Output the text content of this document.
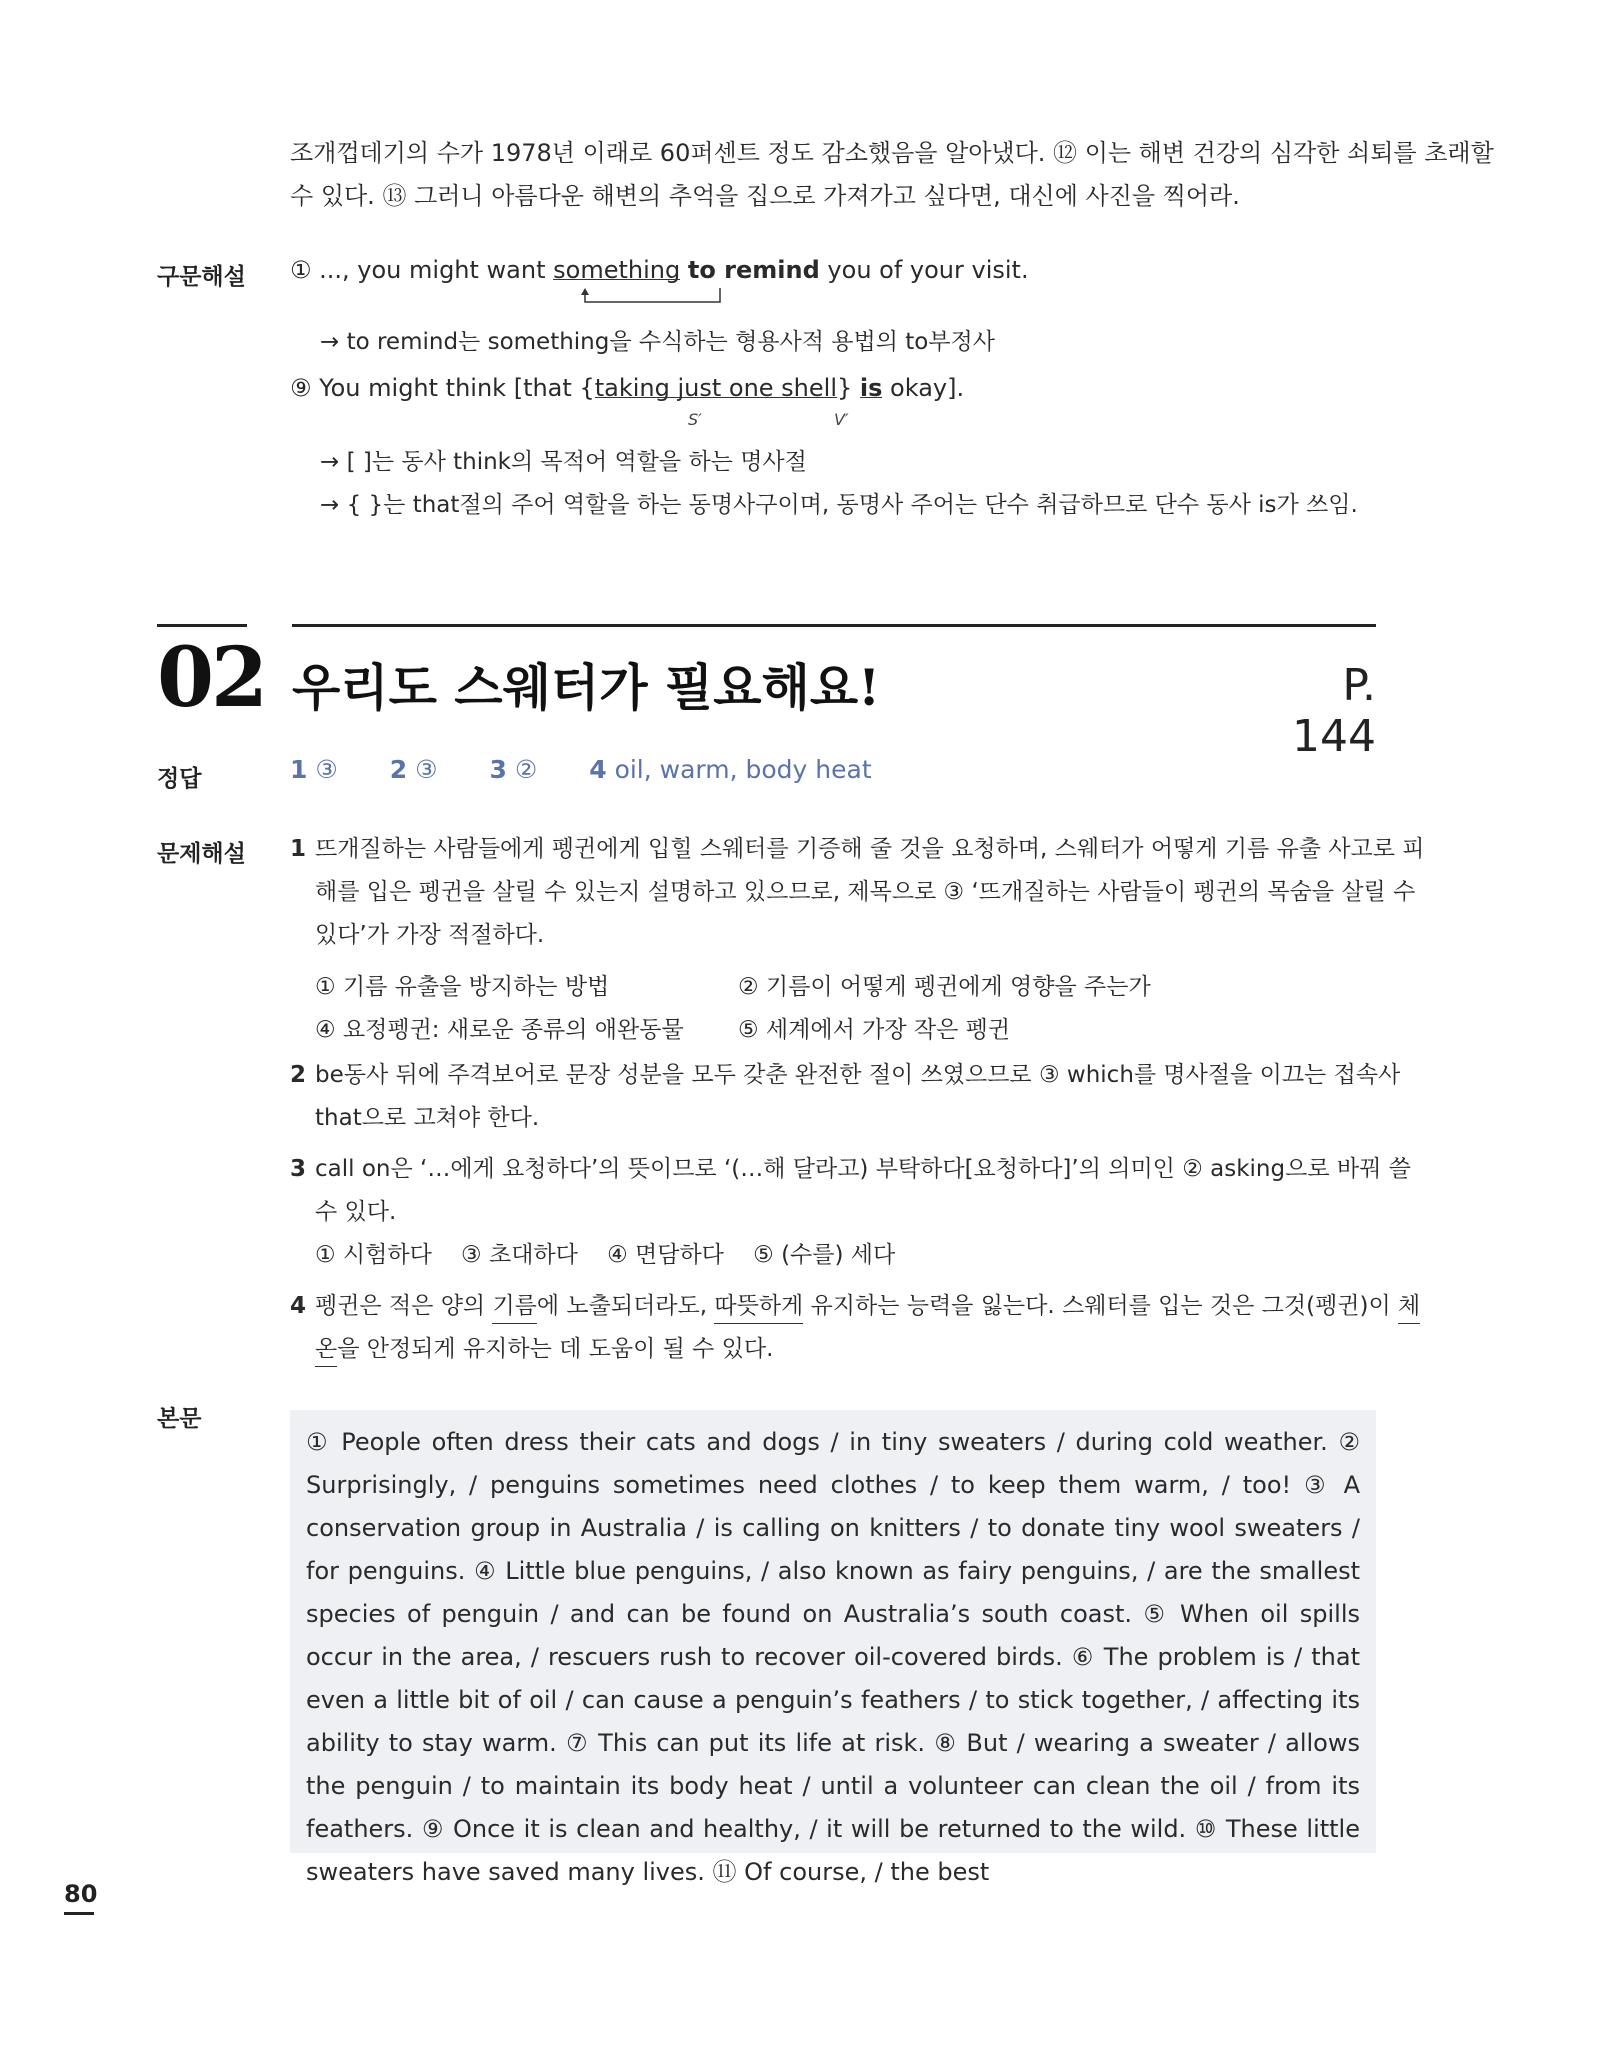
조개껍데기의 수가 1978년 이래로 60퍼센트 정도 감소했음을 알아냈다. ⑫ 이는 해변 건강의 심각한 쇠퇴를 초래할
수 있다. ⑬ 그러니 아름다운 해변의 추억을 집으로 가져가고 싶다면, 대신에 사진을 찍어라.
구문해설 ① ..., you might want something to remind you of your visit.
→ to remind는 something을 수식하는 형용사적 용법의 to부정사
⑨ You might think [that {taking just one shell} is okay].
S′	V′
→ [ ]는 동사 think의 목적어 역할을 하는 명사절
→ { }는 that절의 주어 역할을 하는 동명사구이며, 동명사 주어는 단수 취급하므로 단수 동사 is가 쓰임.
02 우리도 스웨터가 필요해요!	P. 144
정답	1 ③ 2 ③ 3 ② 4 oil, warm, body heat
문제해설 1 뜨개질하는 사람들에게 펭귄에게 입힐 스웨터를 기증해 줄 것을 요청하며, 스웨터가 어떻게 기름 유출 사고로 피
해를 입은 펭귄을 살릴 수 있는지 설명하고 있으므로, 제목으로 ③ ‘뜨개질하는 사람들이 펭귄의 목숨을 살릴 수
있다’가 가장 적절하다.
① 기름 유출을 방지하는 방법	② 기름이 어떻게 펭귄에게 영향을 주는가
④ 요정펭귄: 새로운 종류의 애완동물 ⑤ 세계에서 가장 작은 펭귄
2 be동사 뒤에 주격보어로 문장 성분을 모두 갖춘 완전한 절이 쓰였으므로 ③ which를 명사절을 이끄는 접속사
that으로 고쳐야 한다.
3 call on은 ‘…에게 요청하다’의 뜻이므로 ‘(…해 달라고) 부탁하다[요청하다]’의 의미인 ② asking으로 바꿔 쓸
수 있다.
① 시험하다    ③ 초대하다    ④ 면담하다    ⑤ (수를) 세다
4 펭귄은 적은 양의 기름에 노출되더라도, 따뜻하게 유지하는 능력을 잃는다. 스웨터를 입는 것은 그것(펭귄)이 체
온을 안정되게 유지하는 데 도움이 될 수 있다.
본문

① People often dress their cats and dogs / in tiny sweaters / during cold weather. ② Surprisingly, / penguins sometimes need clothes / to keep them warm, / too! ③ A conservation group in Australia / is calling on knitters / to donate tiny wool sweaters / for penguins. ④ Little blue penguins, / also known as fairy penguins, / are the smallest species of penguin / and can be found on Australia’s south coast. ⑤ When oil spills occur in the area, / rescuers rush to recover oil-covered birds. ⑥ The problem is / that even a little bit of oil / can cause a penguin’s feathers / to stick together, / affecting its ability to stay warm. ⑦ This can put its life at risk. ⑧ But / wearing a sweater / allows the penguin / to maintain its body heat / until a volunteer can clean the oil / from its feathers. ⑨ Once it is clean and healthy, / it will be returned to the wild. ⑩ These little sweaters have saved many lives. ⑪ Of course, / the best

80
